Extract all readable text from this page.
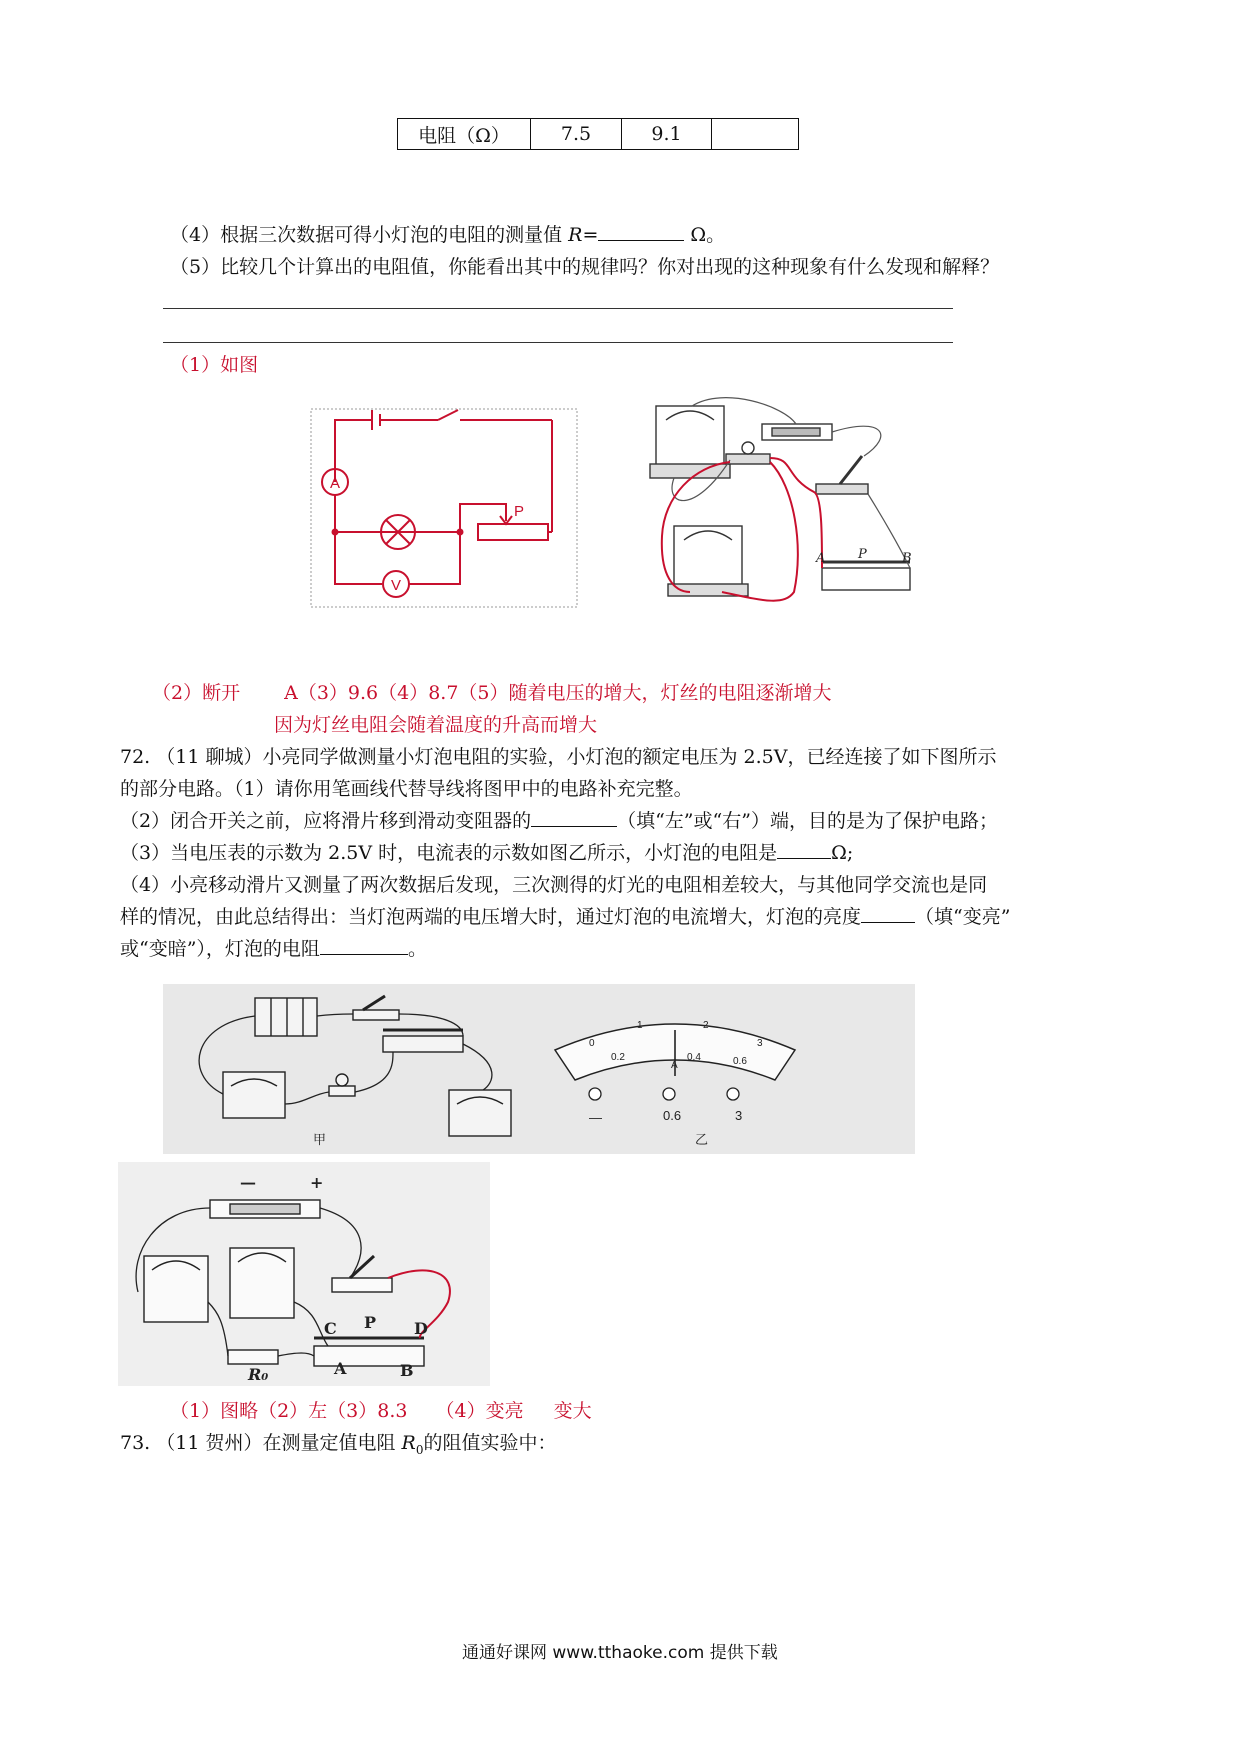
电阻（Ω）	7.5	9.1	
（4）根据三次数据可得小灯泡的电阻的测量值 R=	Ω。
（5）比较几个计算出的电阻值，你能看出其中的规律吗？你对出现的这种现象有什么发现和解释？
（1）如图
A
V
P
A	P	B
（2）断开 A（3）9.6（4）8.7（5）随着电压的增大，灯丝的电阻逐渐增大
因为灯丝电阻会随着温度的升高而增大
72. （11 聊城）小亮同学做测量小灯泡电阻的实验，小灯泡的额定电压为 2.5V，已经连接了如下图所示
的部分电路。（1）请你用笔画线代替导线将图甲中的电路补充完整。
（2）闭合开关之前，应将滑片移到滑动变阻器的	（填“左”或“右”）端，目的是为了保护电路；
（3）当电压表的示数为 2.5V 时，电流表的示数如图乙所示，小灯泡的电阻是	Ω;
（4）小亮移动滑片又测量了两次数据后发现，三次测得的灯光的电阻相差较大，与其他同学交流也是同
样的情况，由此总结得出：当灯泡两端的电压增大时，通过灯泡的电流增大，灯泡的亮度	（填“变亮”
或“变暗”），灯泡的电阻	。
0
1	2
3
0.2	0.4	0.6
A
—	0.6	3
甲	乙
C P D
A	B
R₀
—	+
（1）图略（2）左（3）8.3 （4）变亮 变大
73. （11 贺州）在测量定值电阻 $R_0$的阻值实验中：
通通好课网 www.tthaoke.com 提供下载
